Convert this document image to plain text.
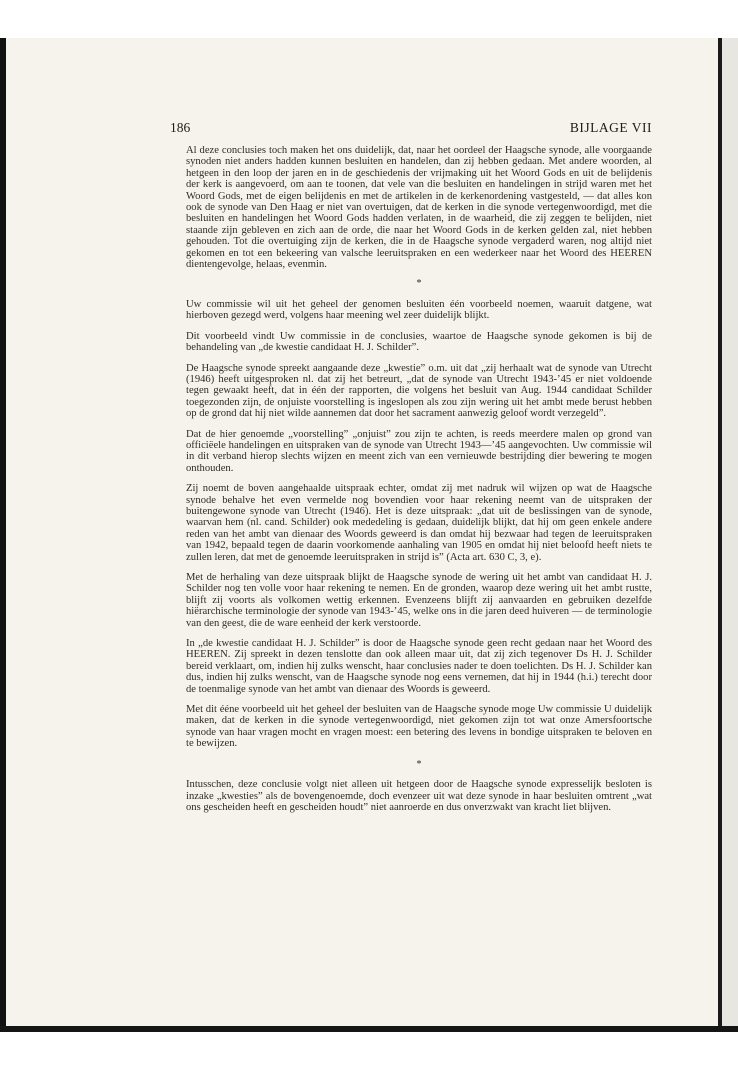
186	BIJLAGE VII

Al deze conclusies toch maken het ons duidelijk, dat, naar het oordeel der Haagsche synode, alle voorgaande synoden niet anders hadden kunnen besluiten en handelen, dan zij hebben gedaan. Met andere woorden, al hetgeen in den loop der jaren en in de geschiedenis der vrijmaking uit het Woord Gods en uit de belijdenis der kerk is aangevoerd, om aan te toonen, dat vele van die besluiten en handelingen in strijd waren met het Woord Gods, met de eigen belijdenis en met de artikelen in de kerkenordening vastgesteld, — dat alles kon ook de synode van Den Haag er niet van overtuigen, dat de kerken in die synode vertegenwoordigd, met die besluiten en handelingen het Woord Gods hadden verlaten, in de waarheid, die zij zeggen te belijden, niet staande zijn gebleven en zich aan de orde, die naar het Woord Gods in de kerken gelden zal, niet hebben gehouden. Tot die overtuiging zijn de kerken, die in de Haagsche synode vergaderd waren, nog altijd niet gekomen en tot een bekeering van valsche leeruitspraken en een wederkeer naar het Woord des HEEREN dientengevolge, helaas, evenmin.

*

Uw commissie wil uit het geheel der genomen besluiten één voorbeeld noemen, waaruit datgene, wat hierboven gezegd werd, volgens haar meening wel zeer duidelijk blijkt.

Dit voorbeeld vindt Uw commissie in de conclusies, waartoe de Haagsche synode gekomen is bij de behandeling van „de kwestie candidaat H. J. Schilder”.

De Haagsche synode spreekt aangaande deze „kwestie” o.m. uit dat „zij herhaalt wat de synode van Utrecht (1946) heeft uitgesproken nl. dat zij het betreurt, „dat de synode van Utrecht 1943-’45 er niet voldoende tegen gewaakt heeft, dat in één der rapporten, die volgens het besluit van Aug. 1944 candidaat Schilder toegezonden zijn, de onjuiste voorstelling is ingeslopen als zou zijn wering uit het ambt mede berust hebben op de grond dat hij niet wilde aannemen dat door het sacrament aanwezig geloof wordt verzegeld”.

Dat de hier genoemde „voorstelling” „onjuist” zou zijn te achten, is reeds meerdere malen op grond van officiëele handelingen en uitspraken van de synode van Utrecht 1943—’45 aangevochten. Uw commissie wil in dit verband hierop slechts wijzen en meent zich van een vernieuwde bestrijding dier bewering te mogen onthouden.

Zij noemt de boven aangehaalde uitspraak echter, omdat zij met nadruk wil wijzen op wat de Haagsche synode behalve het even vermelde nog bovendien voor haar rekening neemt van de uitspraken der buitengewone synode van Utrecht (1946). Het is deze uitspraak: „dat uit de beslissingen van de synode, waarvan hem (nl. cand. Schilder) ook mededeling is gedaan, duidelijk blijkt, dat hij om geen enkele andere reden van het ambt van dienaar des Woords geweerd is dan omdat hij bezwaar had tegen de leeruitspraken van 1942, bepaald tegen de daarin voorkomende aanhaling van 1905 en omdat hij niet beloofd heeft niets te zullen leren, dat met de genoemde leeruitspraken in strijd is” (Acta art. 630 C, 3, e).

Met de herhaling van deze uitspraak blijkt de Haagsche synode de wering uit het ambt van candidaat H. J. Schilder nog ten volle voor haar rekening te nemen. En de gronden, waarop deze wering uit het ambt rustte, blijft zij voorts als volkomen wettig erkennen. Evenzeens blijft zij aanvaarden en gebruiken dezelfde hiërarchische terminologie der synode van 1943-’45, welke ons in die jaren deed huiveren — de terminologie van den geest, die de ware eenheid der kerk verstoorde.

In „de kwestie candidaat H. J. Schilder” is door de Haagsche synode geen recht gedaan naar het Woord des HEEREN. Zij spreekt in dezen tenslotte dan ook alleen maar uit, dat zij zich tegenover Ds H. J. Schilder bereid verklaart, om, indien hij zulks wenscht, haar conclusies nader te doen toelichten. Ds H. J. Schilder kan dus, indien hij zulks wenscht, van de Haagsche synode nog eens vernemen, dat hij in 1944 (h.i.) terecht door de toenmalige synode van het ambt van dienaar des Woords is geweerd.

Met dit ééne voorbeeld uit het geheel der besluiten van de Haagsche synode moge Uw commissie U duidelijk maken, dat de kerken in die synode vertegenwoordigd, niet gekomen zijn tot wat onze Amersfoortsche synode van haar vragen mocht en vragen moest: een betering des levens in bondige uitspraken te beloven en te bewijzen.

*

Intusschen, deze conclusie volgt niet alleen uit hetgeen door de Haagsche synode expresselijk besloten is inzake „kwesties” als de bovengenoemde, doch evenzeer uit wat deze synode in haar besluiten omtrent „wat ons gescheiden heeft en gescheiden houdt” niet aanroerde en dus onverzwakt van kracht liet blijven.
